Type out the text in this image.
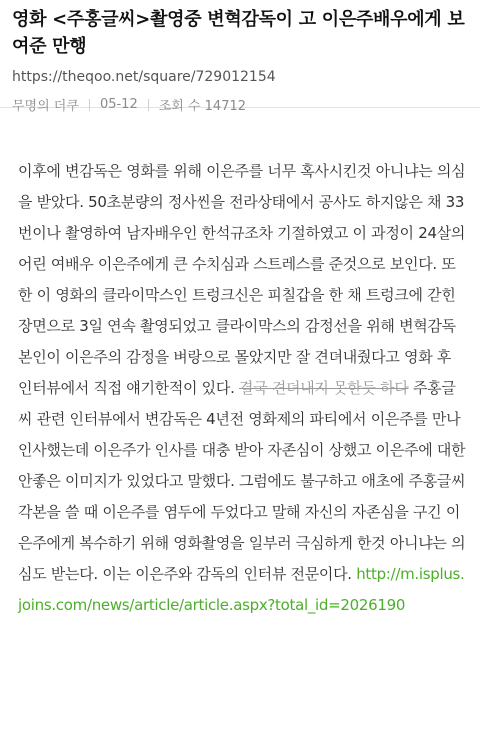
영화 <주홍글씨>촬영중 변혁감독이 고 이은주배우에게 보여준 만행
https://theqoo.net/square/729012154
무명의 더쿠 05-12 조회 수 14712
이후에 변감독은 영화를 위해 이은주를 너무 혹사시킨것 아니냐는 의심을 받았다. 50초분량의 정사씬을 전라상태에서 공사도 하지않은 채 33번이나 촬영하여 남자배우인 한석규조차 기절하였고 이 과정이 24살의 어린 여배우 이은주에게 큰 수치심과 스트레스를 준것으로 보인다. 또한 이 영화의 클라이막스인 트렁크신은 피칠갑을 한 채 트렁크에 갇힌 장면으로 3일 연속 촬영되었고 클라이막스의 감정선을 위해 변혁감독 본인이 이은주의 감정을 벼랑으로 몰았지만 잘 견뎌내줬다고 영화 후 인터뷰에서 직접 얘기한적이 있다. 결국 견뎌내지 못한듯 하다 주홍글씨 관련 인터뷰에서 변감독은 4년전 영화제의 파티에서 이은주를 만나 인사했는데 이은주가 인사를 대충 받아 자존심이 상했고 이은주에 대한 안좋은 이미지가 있었다고 말했다. 그럼에도 불구하고 애초에 주홍글씨 각본을 쓸 때 이은주를 염두에 두었다고 말해 자신의 자존심을 구긴 이은주에게 복수하기 위해 영화촬영을 일부러 극심하게 한것 아니냐는 의심도 받는다. 이는 이은주와 감독의 인터뷰 전문이다. http://m.isplus.joins.com/news/article/article.aspx?total_id=2026190
